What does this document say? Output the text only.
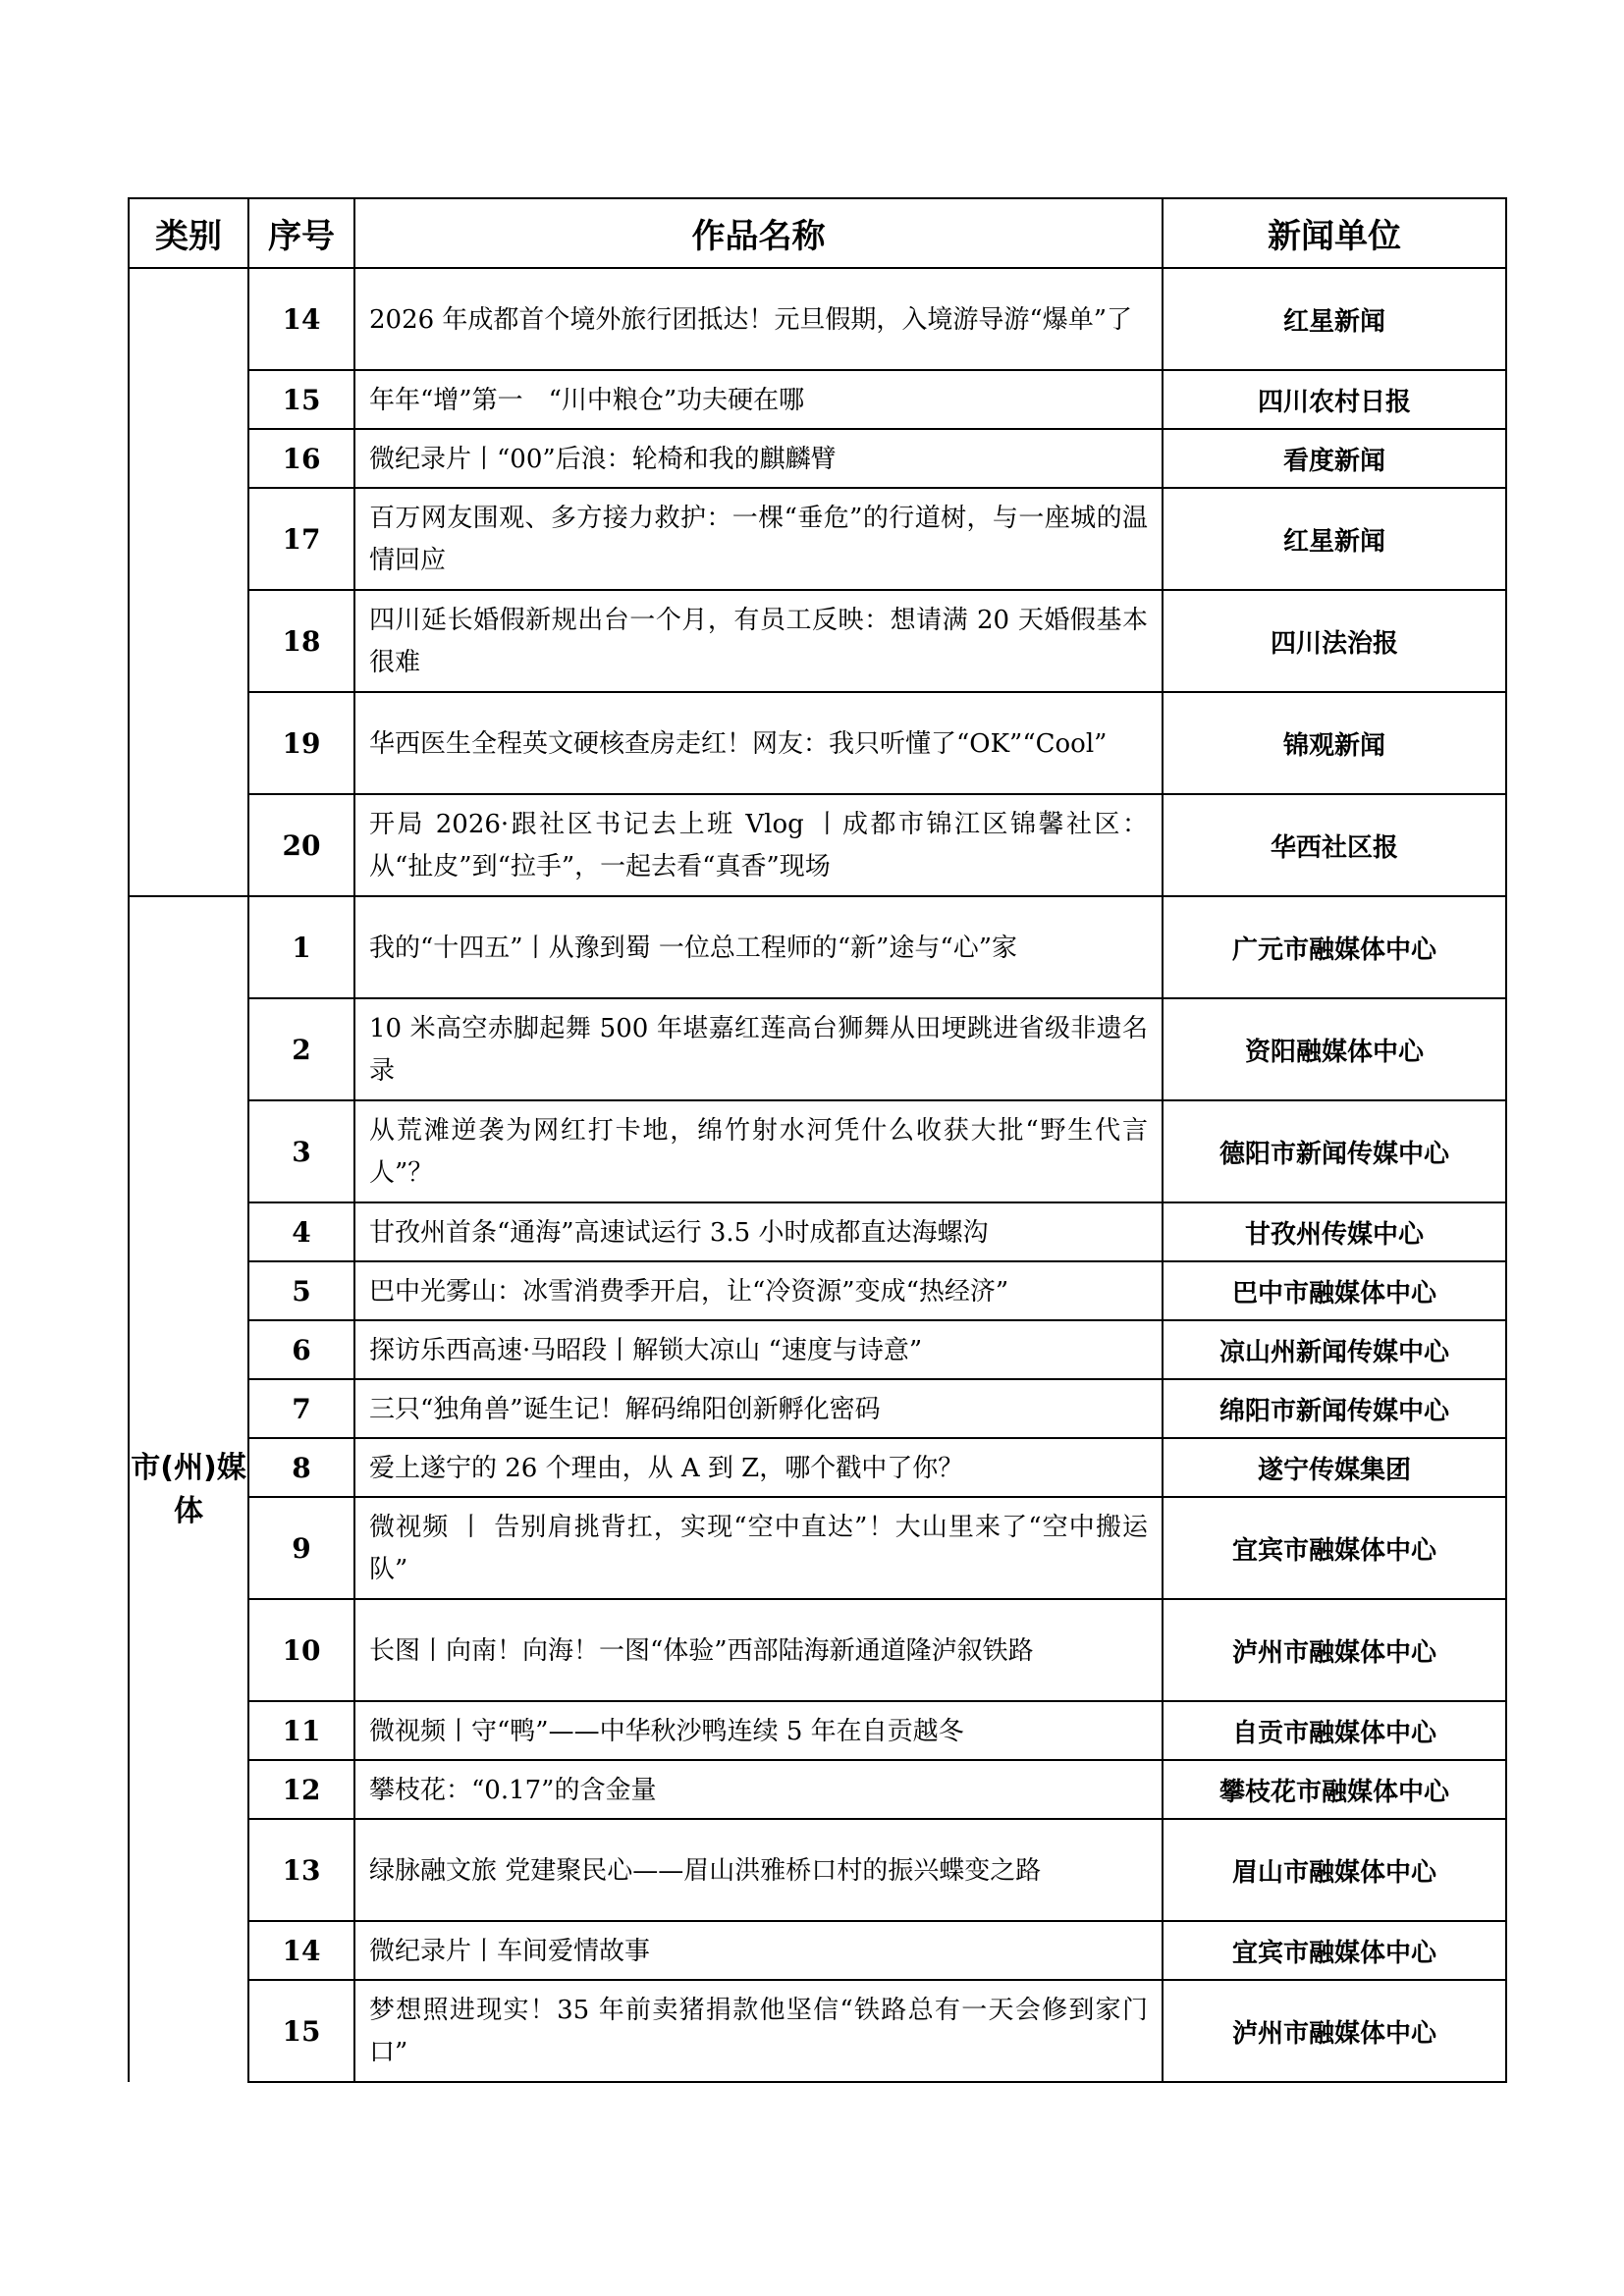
类别	序号	作品名称	新闻单位
	14	2026 年成都首个境外旅行团抵达！元旦假期，入境游导游“爆单”了	红星新闻
	15	年年“增”第一　“川中粮仓”功夫硬在哪	四川农村日报
	16	微纪录片丨“00”后浪：轮椅和我的麒麟臂	看度新闻
	17	百万网友围观、多方接力救护：一棵“垂危”的行道树，与一座城的温情回应	红星新闻
	18	四川延长婚假新规出台一个月，有员工反映：想请满 20 天婚假基本很难	四川法治报
	19	华西医生全程英文硬核查房走红！网友：我只听懂了“OK”“Cool”	锦观新闻
	20	开局 2026·跟社区书记去上班 Vlog 丨成都市锦江区锦馨社区：从“扯皮”到“拉手”，一起去看“真香”现场	华西社区报
市(州)媒体	1	我的“十四五”丨从豫到蜀 一位总工程师的“新”途与“心”家	广元市融媒体中心
	2	10 米高空赤脚起舞 500 年堪嘉红莲高台狮舞从田埂跳进省级非遗名录	资阳融媒体中心
	3	从荒滩逆袭为网红打卡地，绵竹射水河凭什么收获大批“野生代言人”？	德阳市新闻传媒中心
	4	甘孜州首条“通海”高速试运行 3.5 小时成都直达海螺沟	甘孜州传媒中心
	5	巴中光雾山：冰雪消费季开启，让“冷资源”变成“热经济”	巴中市融媒体中心
	6	探访乐西高速·马昭段丨解锁大凉山 “速度与诗意”	凉山州新闻传媒中心
	7	三只“独角兽”诞生记！解码绵阳创新孵化密码	绵阳市新闻传媒中心
	8	爱上遂宁的 26 个理由，从 A 到 Z，哪个戳中了你？	遂宁传媒集团
	9	微视频 丨 告别肩挑背扛，实现“空中直达”！大山里来了“空中搬运队”	宜宾市融媒体中心
	10	长图丨向南！向海！一图“体验”西部陆海新通道隆泸叙铁路	泸州市融媒体中心
	11	微视频丨守“鸭”——中华秋沙鸭连续 5 年在自贡越冬	自贡市融媒体中心
	12	攀枝花：“0.17”的含金量	攀枝花市融媒体中心
	13	绿脉融文旅 党建聚民心——眉山洪雅桥口村的振兴蝶变之路	眉山市融媒体中心
	14	微纪录片丨车间爱情故事	宜宾市融媒体中心
	15	梦想照进现实！35 年前卖猪捐款他坚信“铁路总有一天会修到家门口”	泸州市融媒体中心
